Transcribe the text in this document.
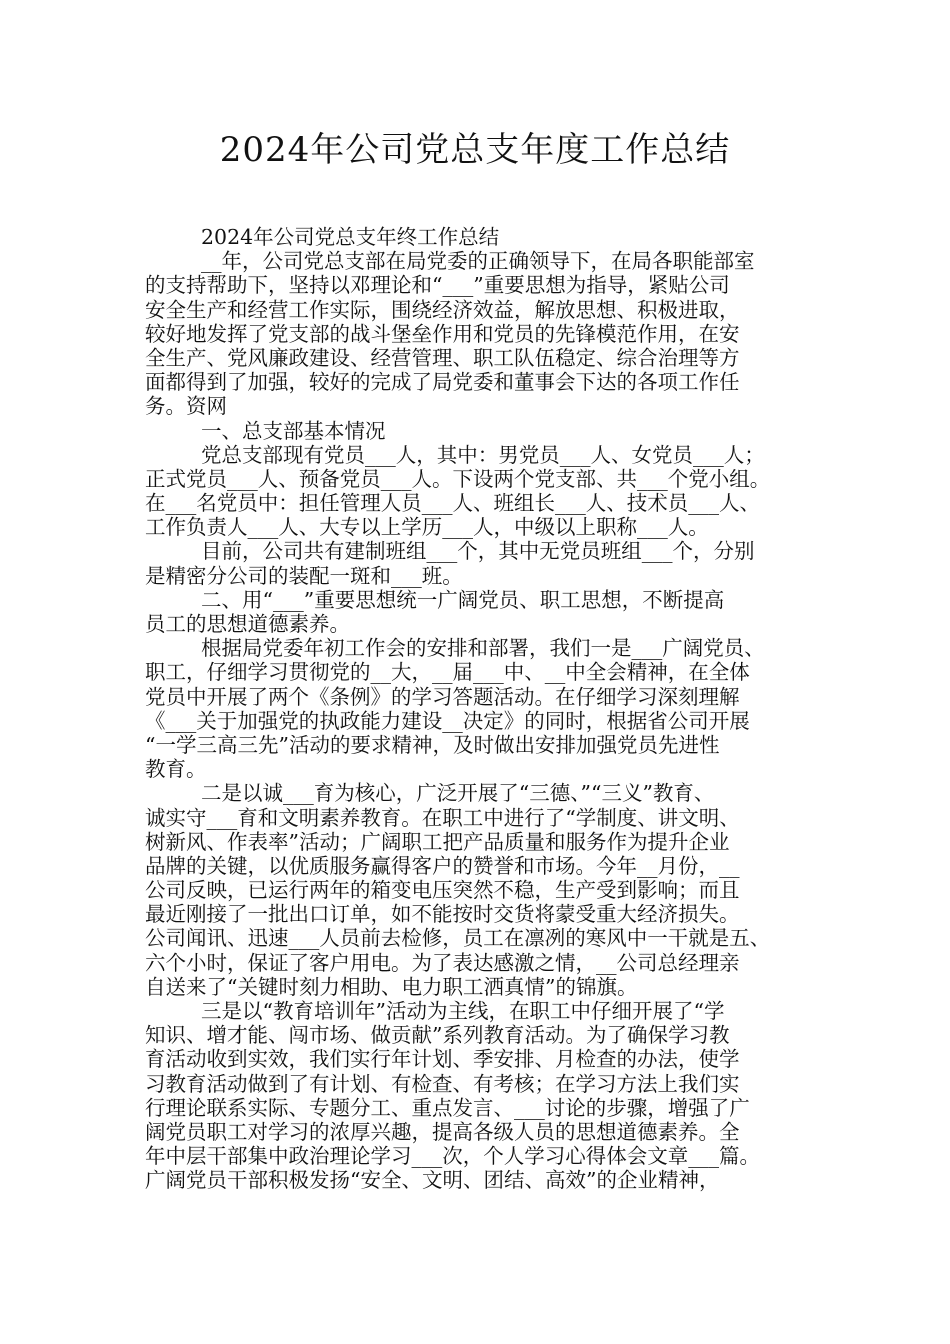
2024年公司党总支年度工作总结

2024年公司党总支年终工作总结

__年，公司党总支部在局党委的正确领导下，在局各职能部室

的支持帮助下，坚持以邓理论和“___”重要思想为指导，紧贴公司

安全生产和经营工作实际，围绕经济效益，解放思想、积极进取，

较好地发挥了党支部的战斗堡垒作用和党员的先锋模范作用，在安

全生产、党风廉政建设、经营管理、职工队伍稳定、综合治理等方

面都得到了加强，较好的完成了局党委和董事会下达的各项工作任

务。资网

一、总支部基本情况

党总支部现有党员___人，其中：男党员___人、女党员___人；

正式党员___人、预备党员___人。下设两个党支部、共___个党小组。

在___名党员中：担任管理人员___人、班组长___人、技术员___人、

工作负责人___人、大专以上学历___人，中级以上职称___人。

目前，公司共有建制班组___个，其中无党员班组___个，分别

是精密分公司的装配一斑和___班。

二、用“___”重要思想统一广阔党员、职工思想，不断提高

员工的思想道德素养。

根据局党委年初工作会的安排和部署，我们一是___广阔党员、

职工，仔细学习贯彻党的__大，__届___中、__中全会精神，在全体

党员中开展了两个《条例》的学习答题活动。在仔细学习深刻理解

《___关于加强党的执政能力建设__决定》的同时，根据省公司开展

“一学三高三先”活动的要求精神，及时做出安排加强党员先进性

教育。

二是以诚___育为核心，广泛开展了“三德、”“三义”教育、

诚实守___育和文明素养教育。在职工中进行了“学制度、讲文明、

树新风、作表率”活动；广阔职工把产品质量和服务作为提升企业

品牌的关键，以优质服务赢得客户的赞誉和市场。今年__月份，__

公司反映，已运行两年的箱变电压突然不稳，生产受到影响；而且

最近刚接了一批出口订单，如不能按时交货将蒙受重大经济损失。

公司闻讯、迅速___人员前去检修，员工在凛冽的寒风中一干就是五、

六个小时，保证了客户用电。为了表达感激之情，__公司总经理亲

自送来了“关键时刻力相助、电力职工洒真情”的锦旗。

三是以“教育培训年”活动为主线，在职工中仔细开展了“学

知识、增才能、闯市场、做贡献”系列教育活动。为了确保学习教

育活动收到实效，我们实行年计划、季安排、月检查的办法，使学

习教育活动做到了有计划、有检查、有考核；在学习方法上我们实

行理论联系实际、专题分工、重点发言、___讨论的步骤，增强了广

阔党员职工对学习的浓厚兴趣，提高各级人员的思想道德素养。全

年中层干部集中政治理论学习___次，个人学习心得体会文章___篇。

广阔党员干部积极发扬“安全、文明、团结、高效”的企业精神，
